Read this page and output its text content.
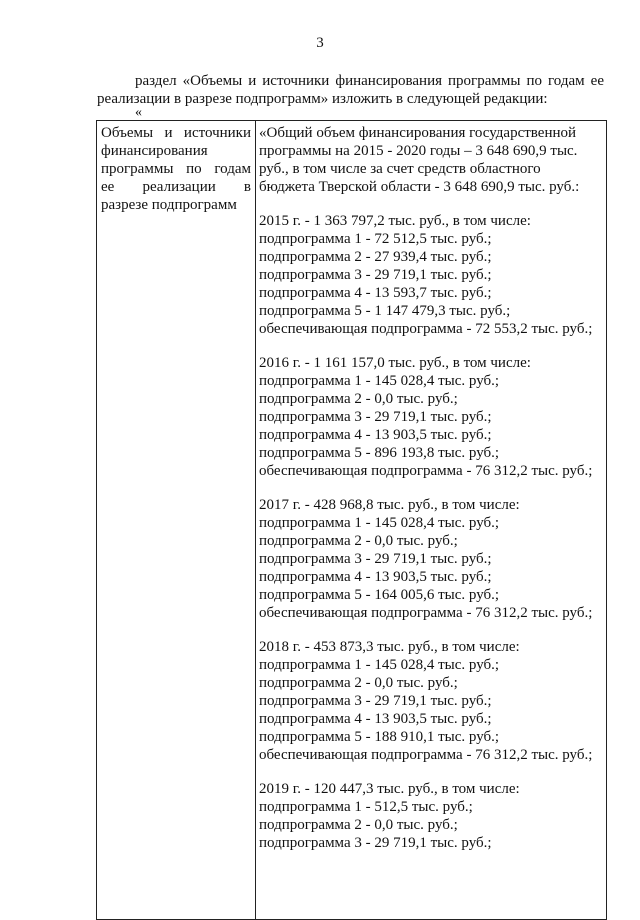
3
раздел «Объемы и источники финансирования программы по годам ее
реализации в разрезе подпрограмм» изложить в следующей редакции:
«
Объемы и источники
финансирования
программы по годам
ее реализации в
разрезе подпрограмм
«Общий объем финансирования государственной
программы на 2015 - 2020 годы – 3 648 690,9 тыс.
руб., в том числе за счет средств областного
бюджета Тверской области - 3 648 690,9 тыс. руб.:
2015 г. - 1 363 797,2 тыс. руб., в том числе:
подпрограмма 1 - 72 512,5 тыс. руб.;
подпрограмма 2 - 27 939,4 тыс. руб.;
подпрограмма 3 - 29 719,1 тыс. руб.;
подпрограмма 4 - 13 593,7 тыс. руб.;
подпрограмма 5 - 1 147 479,3 тыс. руб.;
обеспечивающая подпрограмма - 72 553,2 тыс. руб.;
2016 г. - 1 161 157,0 тыс. руб., в том числе:
подпрограмма 1 - 145 028,4 тыс. руб.;
подпрограмма 2 - 0,0 тыс. руб.;
подпрограмма 3 - 29 719,1 тыс. руб.;
подпрограмма 4 - 13 903,5 тыс. руб.;
подпрограмма 5 - 896 193,8 тыс. руб.;
обеспечивающая подпрограмма - 76 312,2 тыс. руб.;
2017 г. - 428 968,8 тыс. руб., в том числе:
подпрограмма 1 - 145 028,4 тыс. руб.;
подпрограмма 2 - 0,0 тыс. руб.;
подпрограмма 3 - 29 719,1 тыс. руб.;
подпрограмма 4 - 13 903,5 тыс. руб.;
подпрограмма 5 - 164 005,6 тыс. руб.;
обеспечивающая подпрограмма - 76 312,2 тыс. руб.;
2018 г. - 453 873,3 тыс. руб., в том числе:
подпрограмма 1 - 145 028,4 тыс. руб.;
подпрограмма 2 - 0,0 тыс. руб.;
подпрограмма 3 - 29 719,1 тыс. руб.;
подпрограмма 4 - 13 903,5 тыс. руб.;
подпрограмма 5 - 188 910,1 тыс. руб.;
обеспечивающая подпрограмма - 76 312,2 тыс. руб.;
2019 г. - 120 447,3 тыс. руб., в том числе:
подпрограмма 1 - 512,5 тыс. руб.;
подпрограмма 2 - 0,0 тыс. руб.;
подпрограмма 3 - 29 719,1 тыс. руб.;
